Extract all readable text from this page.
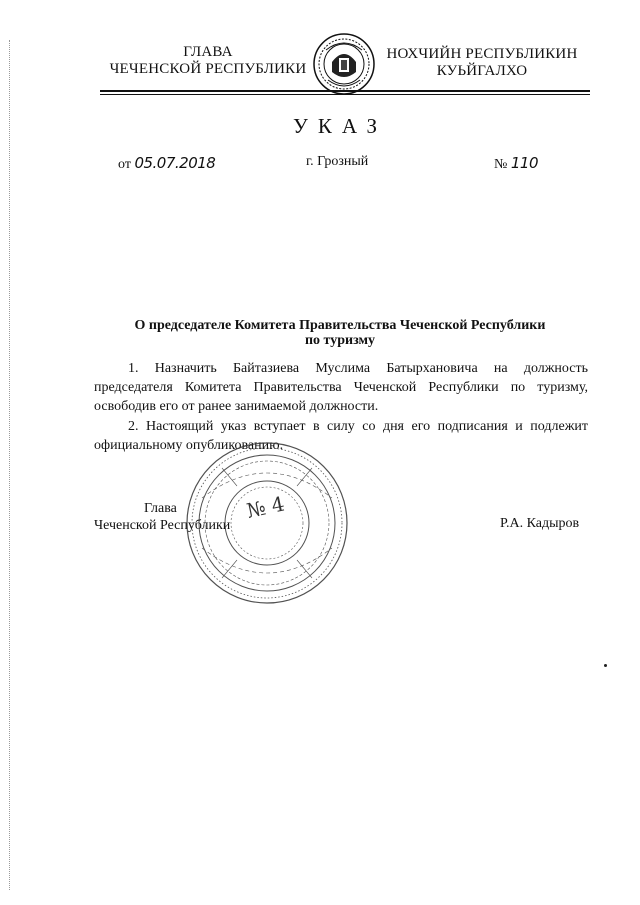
ГЛАВА
ЧЕЧЕНСКОЙ РЕСПУБЛИКИ
НОХЧИЙН РЕСПУБЛИКИН
КУЬЙГАЛХО
УКАЗ
от 05.07.2018	г. Грозный	№ 110
О председателе Комитета Правительства Чеченской Республики
по туризму
1. Назначить Байтазиева Муслима Батырхановича на должность председателя Комитета Правительства Чеченской Республики по туризму, освободив его от ранее занимаемой должности.
2. Настоящий указ вступает в силу со дня его подписания и подлежит официальному опубликованию.
Глава
Чеченской Республики	Р.А. Кадыров
№ 4
